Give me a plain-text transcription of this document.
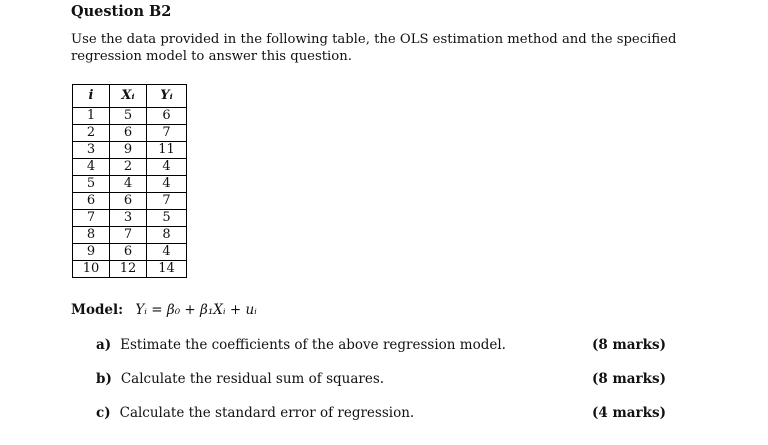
Question B2
Use the data provided in the following table, the OLS estimation method and the specified regression model to answer this question.
i	Xᵢ	Yᵢ
1	5	6
2	6	7
3	9	11
4	2	4
5	4	4
6	6	7
7	3	5
8	7	8
9	6	4
10	12	14
Model: Yᵢ = β₀ + β₁Xᵢ + uᵢ
a) Estimate the coefficients of the above regression model.	(8 marks)
b) Calculate the residual sum of squares.	(8 marks)
c) Calculate the standard error of regression.	(4 marks)
